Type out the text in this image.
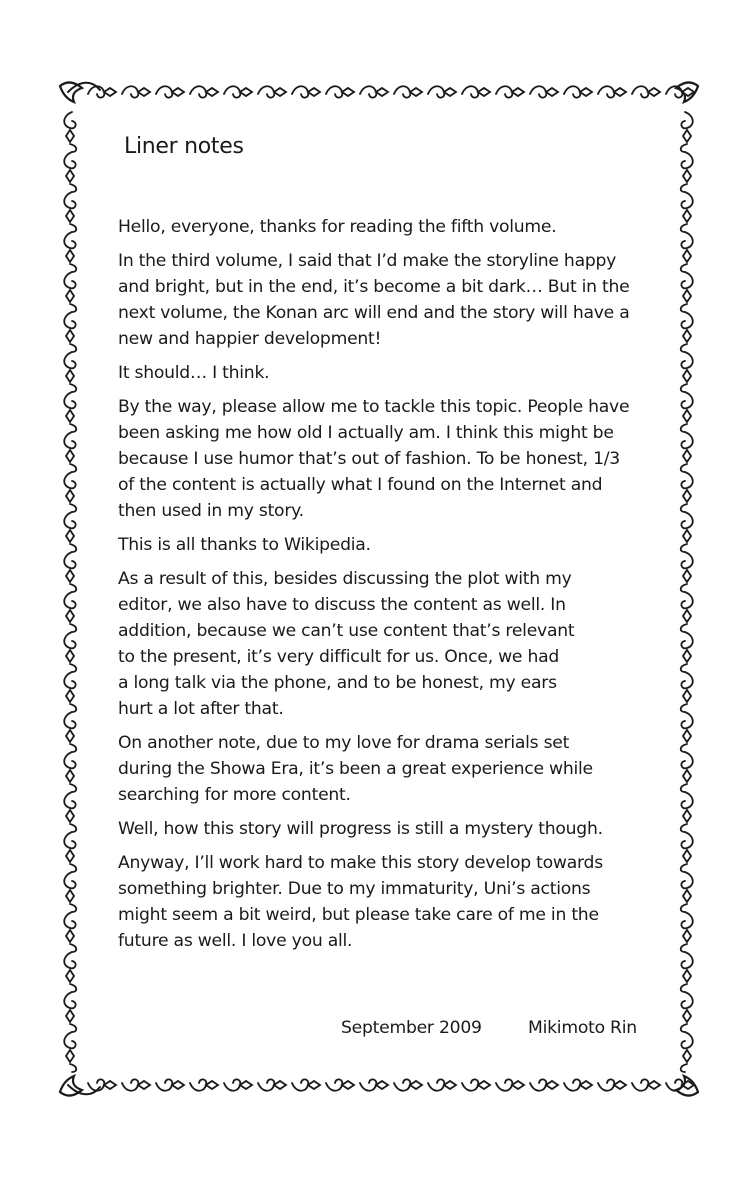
Liner notes

Hello, everyone, thanks for reading the fifth volume.

In the third volume, I said that I’d make the storyline happy
and bright, but in the end, it’s become a bit dark… But in the
next volume, the Konan arc will end and the story will have a
new and happier development!

It should… I think.

By the way, please allow me to tackle this topic. People have
been asking me how old I actually am. I think this might be
because I use humor that’s out of fashion. To be honest, 1/3
of the content is actually what I found on the Internet and
then used in my story.

This is all thanks to Wikipedia.

As a result of this, besides discussing the plot with my
editor, we also have to discuss the content as well. In
addition, because we can’t use content that’s relevant
to the present, it’s very difficult for us. Once, we had
a long talk via the phone, and to be honest, my ears
hurt a lot after that.

On another note, due to my love for drama serials set
during the Showa Era, it’s been a great experience while
searching for more content.

Well, how this story will progress is still a mystery though.

Anyway, I’ll work hard to make this story develop towards
something brighter. Due to my immaturity, Uni’s actions
might seem a bit weird, but please take care of me in the
future as well. I love you all.

September 2009	Mikimoto Rin
